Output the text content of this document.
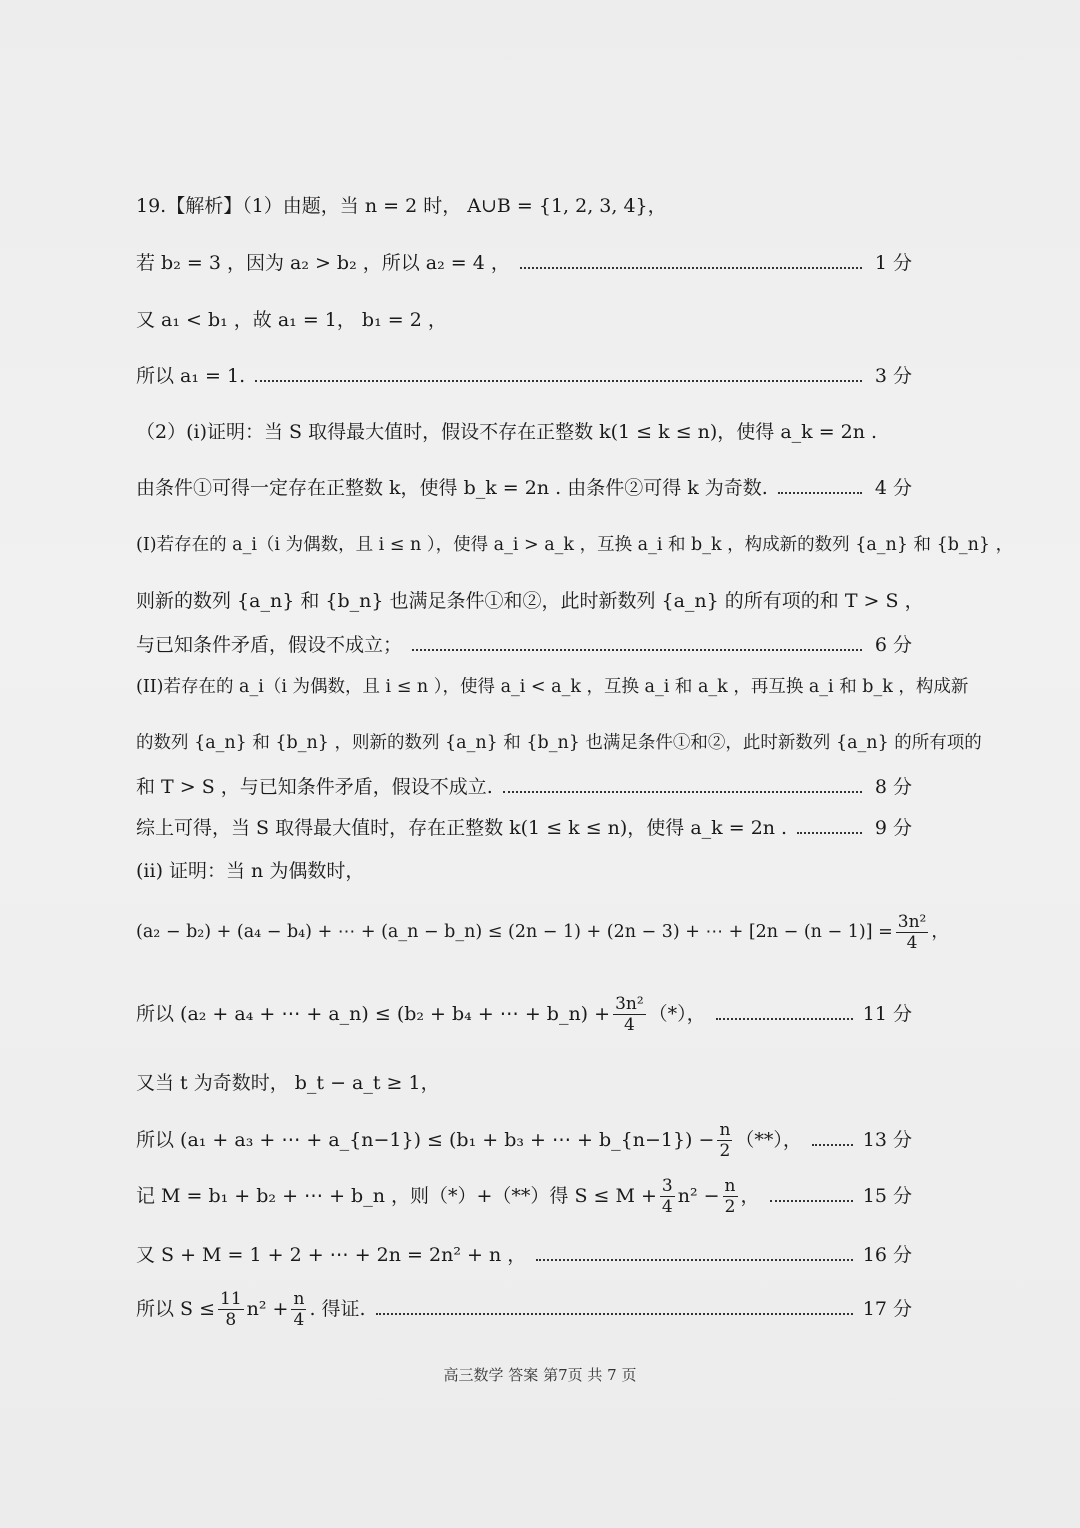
19.【解析】（1）由题，当 n = 2 时， A∪B = {1, 2, 3, 4}，
若 b₂ = 3 ，因为 a₂ > b₂ ，所以 a₂ = 4 ，	1 分
又 a₁ < b₁ ，故 a₁ = 1， b₁ = 2 ，
所以 a₁ = 1.	3 分
（2）(i)证明：当 S 取得最大值时，假设不存在正整数 k(1 ≤ k ≤ n)，使得 a_k = 2n .
由条件①可得一定存在正整数 k，使得 b_k = 2n . 由条件②可得 k 为奇数.	4 分
(I)若存在的 a_i（i 为偶数，且 i ≤ n ），使得 a_i > a_k ，互换 a_i 和 b_k ，构成新的数列 {a_n} 和 {b_n} ，
则新的数列 {a_n} 和 {b_n} 也满足条件①和②，此时新数列 {a_n} 的所有项的和 T > S ，
与已知条件矛盾，假设不成立；	6 分
(II)若存在的 a_i（i 为偶数，且 i ≤ n ），使得 a_i < a_k ，互换 a_i 和 a_k ，再互换 a_i 和 b_k ，构成新
的数列 {a_n} 和 {b_n} ，则新的数列 {a_n} 和 {b_n} 也满足条件①和②，此时新数列 {a_n} 的所有项的
和 T > S ，与已知条件矛盾，假设不成立.	8 分
综上可得，当 S 取得最大值时，存在正整数 k(1 ≤ k ≤ n)，使得 a_k = 2n .	9 分
(ii) 证明：当 n 为偶数时，
(a₂ − b₂) + (a₄ − b₄) + ⋯ + (a_n − b_n) ≤ (2n − 1) + (2n − 3) + ⋯ + $[2n - (n - 1)] = \frac{\text{3n²}}{4}$ ，
所以 (a₂ + a₄ + ⋯ + a_n) ≤ (b₂ + b₄ + ⋯ + b_n) + $\frac{\text{3n²}}{4}$ （*），	11 分
又当 t 为奇数时， b_t − a_t ≥ 1，
所以 (a₁ + a₃ + ⋯ + a_{n−1}) ≤ (b₁ + b₃ + ⋯ + b_{n−1}) − $\frac{n}{2}$ （**），	13 分
记 M = b₁ + b₂ + ⋯ + b_n ，则（*）+（**）得 $S \le M + \frac{3}{4} n^2 - \frac{n}{2}$ ，	15 分
又 S + M = 1 + 2 + ⋯ + 2n = 2n² + n ，	16 分
所以 $S \le \frac{11}{8} n^2 + \frac{n}{4}$ . 得证.	17 分
高三数学 答案 第7页 共 7 页
